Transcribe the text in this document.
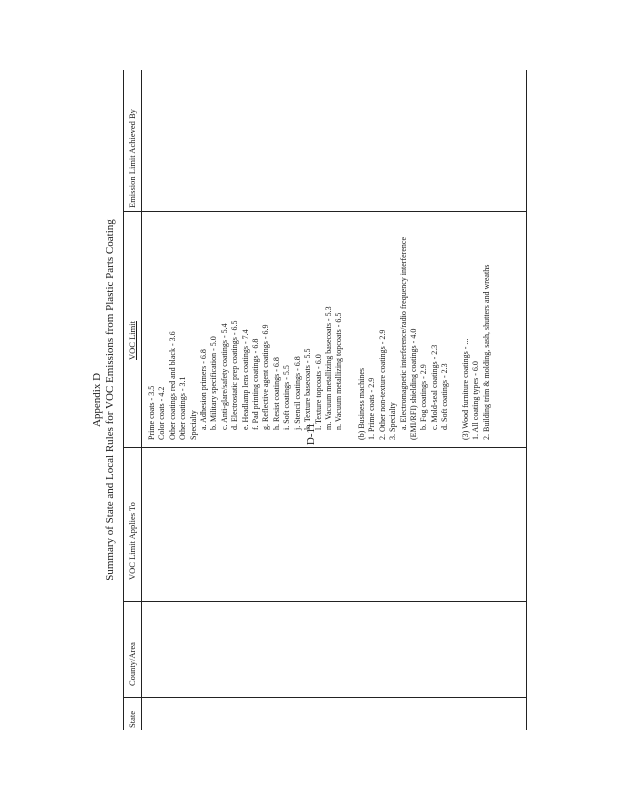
Appendix D Summary of State and Local Rules for VOC Emissions from Plastic Parts Coating
State
County/Area
VOC Limit Applies To
VOC Limit
Emission Limit Achieved By
Prime coats - 3.5 Color coats - 4.2 Other coatings red and black - 3.6 Other coatings - 3.1 Specialty a. Adhesion primers - 6.8 b. Military specification - 5.0 c. Anti-glare/safety coatings - 5.4 d. Electrostatic prep coatings - 6.5 e. Headlamp lens coatings - 7.4 f. Pad printing coatings - 6.8 g. Reflective agent coatings - 6.9 h. Resist coatings - 6.8 i. Soft coatings - 5.5 j. Stencil coatings - 6.8 k. Texture basecoats - 5.5 l. Texture topcoats - 6.0 m. Vacuum metallizing basecoats - 5.3 n. Vacuum metallizing topcoats - 6.5 (b) Business machines 1. Prime coats - 2.9 2. Other non-texture coatings - 2.9 3. Specialty a. Electromagnetic interference/radio frequency interference (EMI/RFI) shielding coatings - 4.0 b. Fog coatings - 2.9 c. Mold-seal coatings - 2.3 d. Soft coatings - 2.3 (3) Wood furniture coatings - ... 1. All coating types - 6.0 2. Building trim & molding, sash, shutters and wreaths
D-11
